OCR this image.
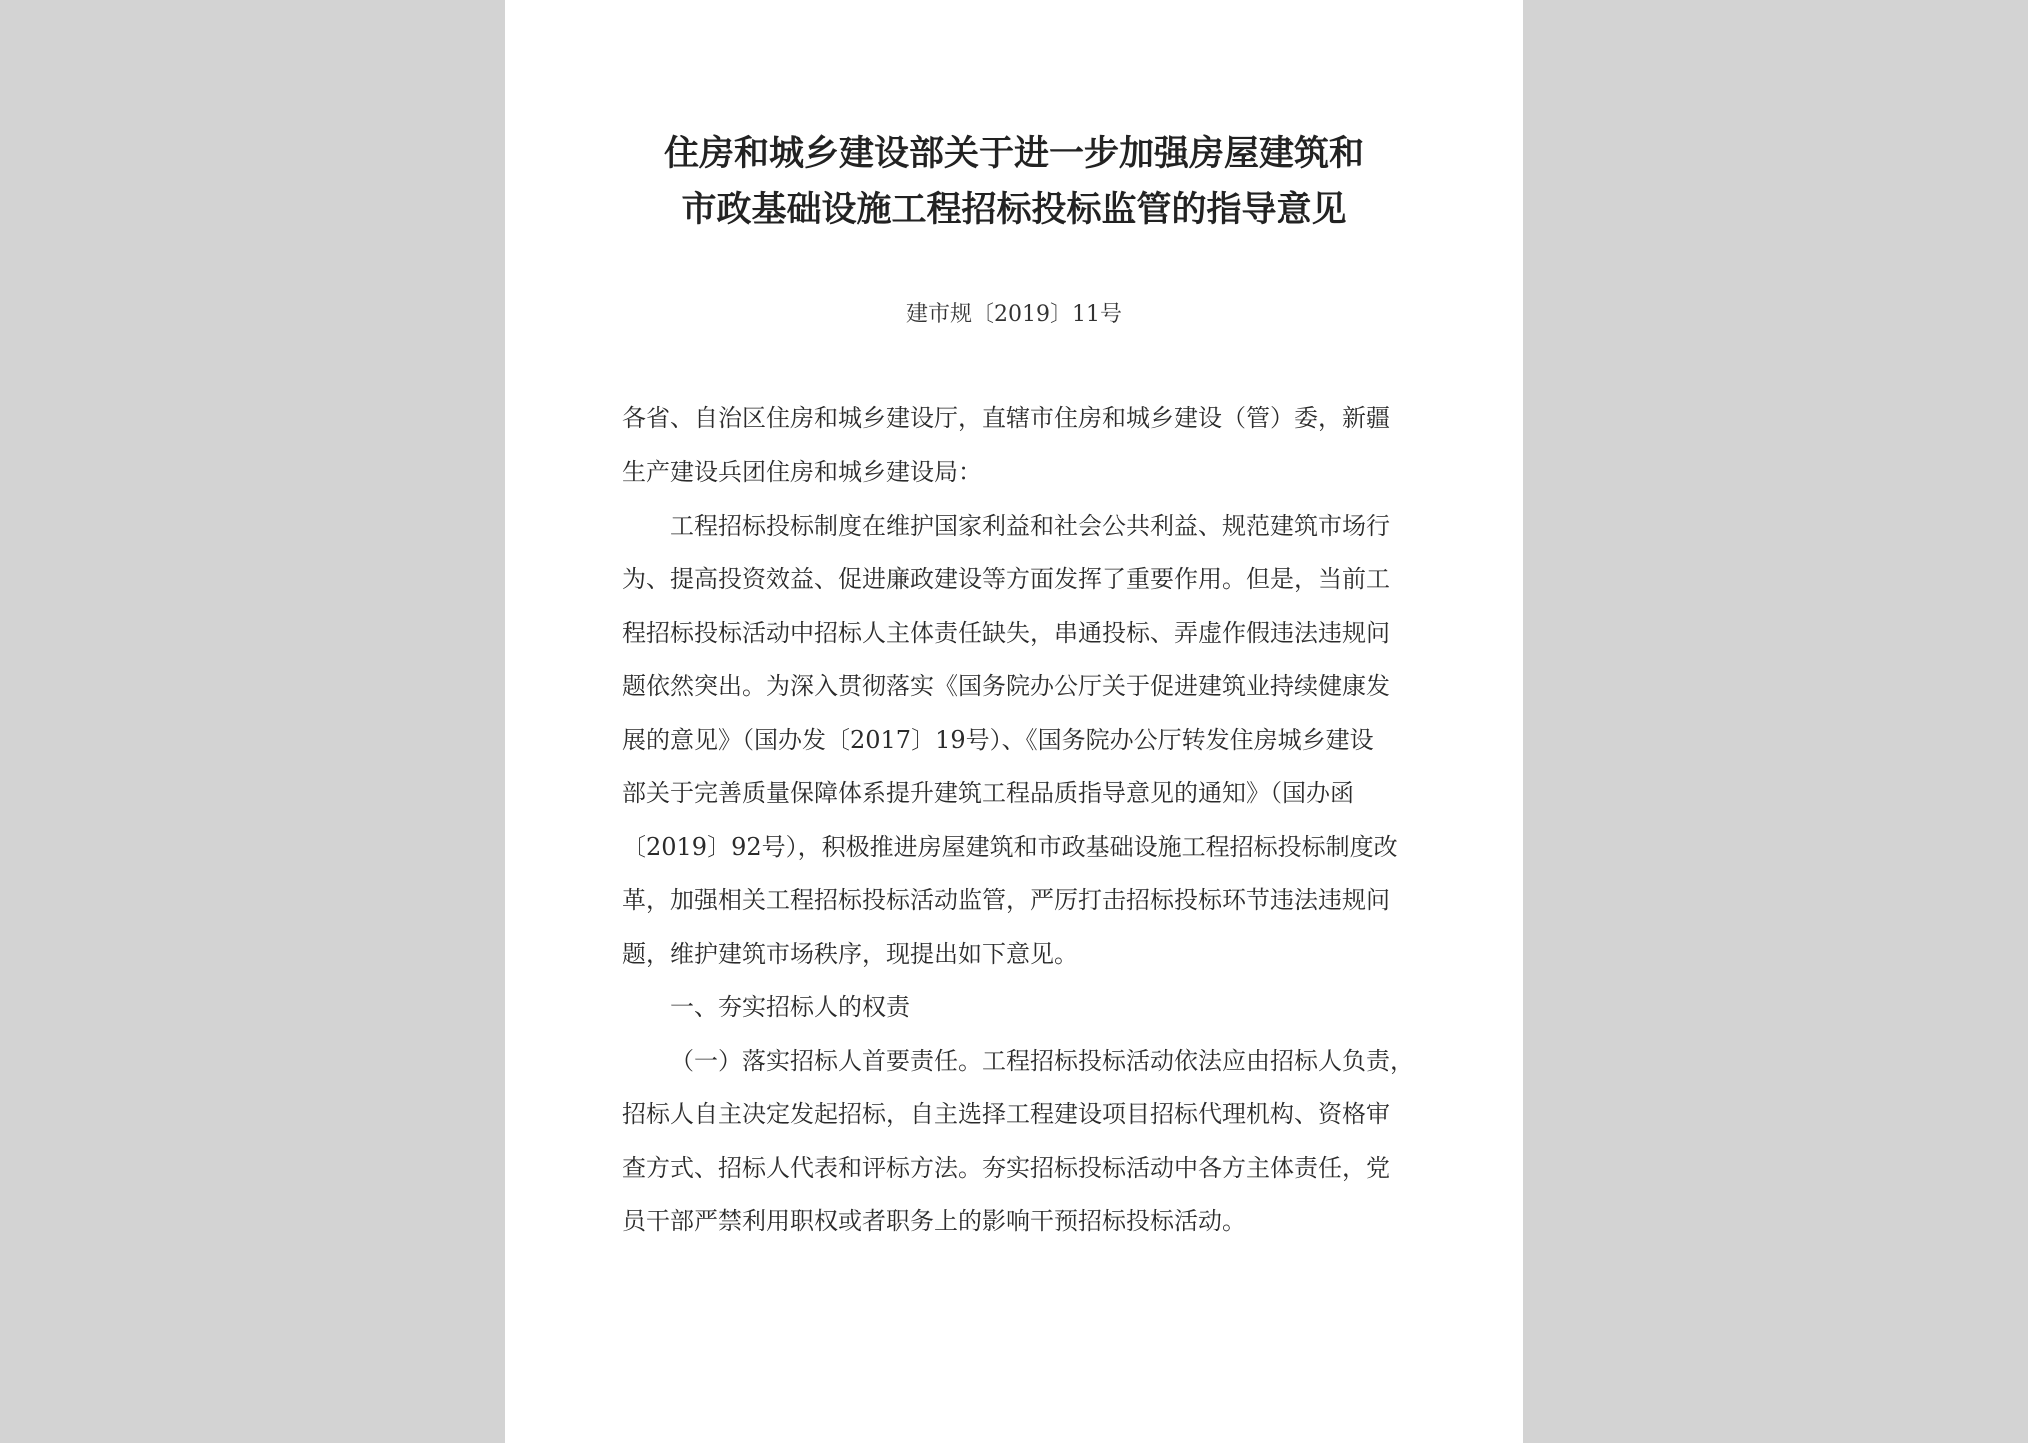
住房和城乡建设部关于进一步加强房屋建筑和
市政基础设施工程招标投标监管的指导意见
建市规〔2019〕11号
各省、自治区住房和城乡建设厅，直辖市住房和城乡建设（管）委，新疆
生产建设兵团住房和城乡建设局：
工程招标投标制度在维护国家利益和社会公共利益、规范建筑市场行
为、提高投资效益、促进廉政建设等方面发挥了重要作用。但是，当前工
程招标投标活动中招标人主体责任缺失，串通投标、弄虚作假违法违规问
题依然突出。为深入贯彻落实《国务院办公厅关于促进建筑业持续健康发
展的意见》（国办发〔2017〕19号）、《国务院办公厅转发住房城乡建设
部关于完善质量保障体系提升建筑工程品质指导意见的通知》（国办函
〔2019〕92号），积极推进房屋建筑和市政基础设施工程招标投标制度改
革，加强相关工程招标投标活动监管，严厉打击招标投标环节违法违规问
题，维护建筑市场秩序，现提出如下意见。
一、夯实招标人的权责
（一）落实招标人首要责任。工程招标投标活动依法应由招标人负责，
招标人自主决定发起招标，自主选择工程建设项目招标代理机构、资格审
查方式、招标人代表和评标方法。夯实招标投标活动中各方主体责任，党
员干部严禁利用职权或者职务上的影响干预招标投标活动。
